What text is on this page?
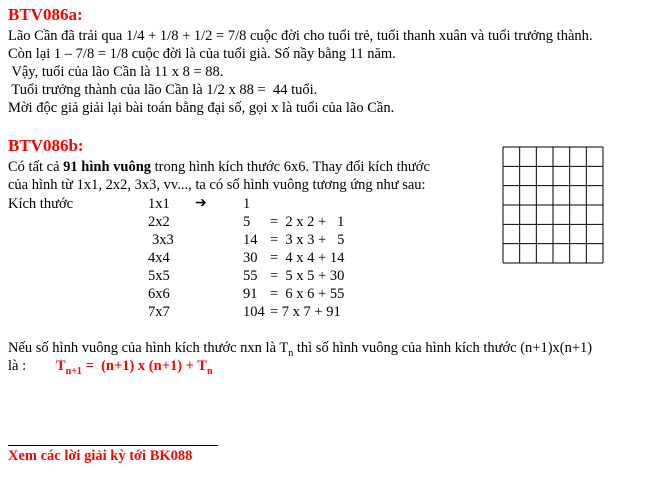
BTV086a:
Lão Cần đã trải qua 1/4 + 1/8 + 1/2 = 7/8 cuộc đời cho tuổi trẻ, tuổi thanh xuân và tuổi trưởng thành.
Còn lại 1 – 7/8 = 1/8 cuộc đời là của tuổi già. Số nầy bằng 11 năm.
Vậy, tuổi của lão Cần là 11 x 8 = 88.
Tuổi trưởng thành của lão Cần là 1/2 x 88 =  44 tuổi.
Mời độc giả giải lại bài toán bằng đại số, gọi x là tuổi của lão Cần.
BTV086b:
Có tất cả 91 hình vuông trong hình kích thước 6x6. Thay đổi kích thước
của hình từ 1x1, 2x2, 3x3, vv..., ta có số hình vuông tương ứng như sau:
Kích thước	➔
1x1	1
2x2	5 =  2 x 2 +   1
3x3	14 =  3 x 3 +   5
4x4	30 =  4 x 4 + 14
5x5	55 =  5 x 5 + 30
6x6	91 =  6 x 6 + 55
7x7	104 = 7 x 7 + 91
Nếu số hình vuông của hình kích thước nxn là $T_n$ thì số hình vuông của hình kích thước (n+1)x(n+1)
là : $T_{n+1} = (n+1)$ x $(n+1) + T_n$
Xem các lời giải kỳ tới BK088
